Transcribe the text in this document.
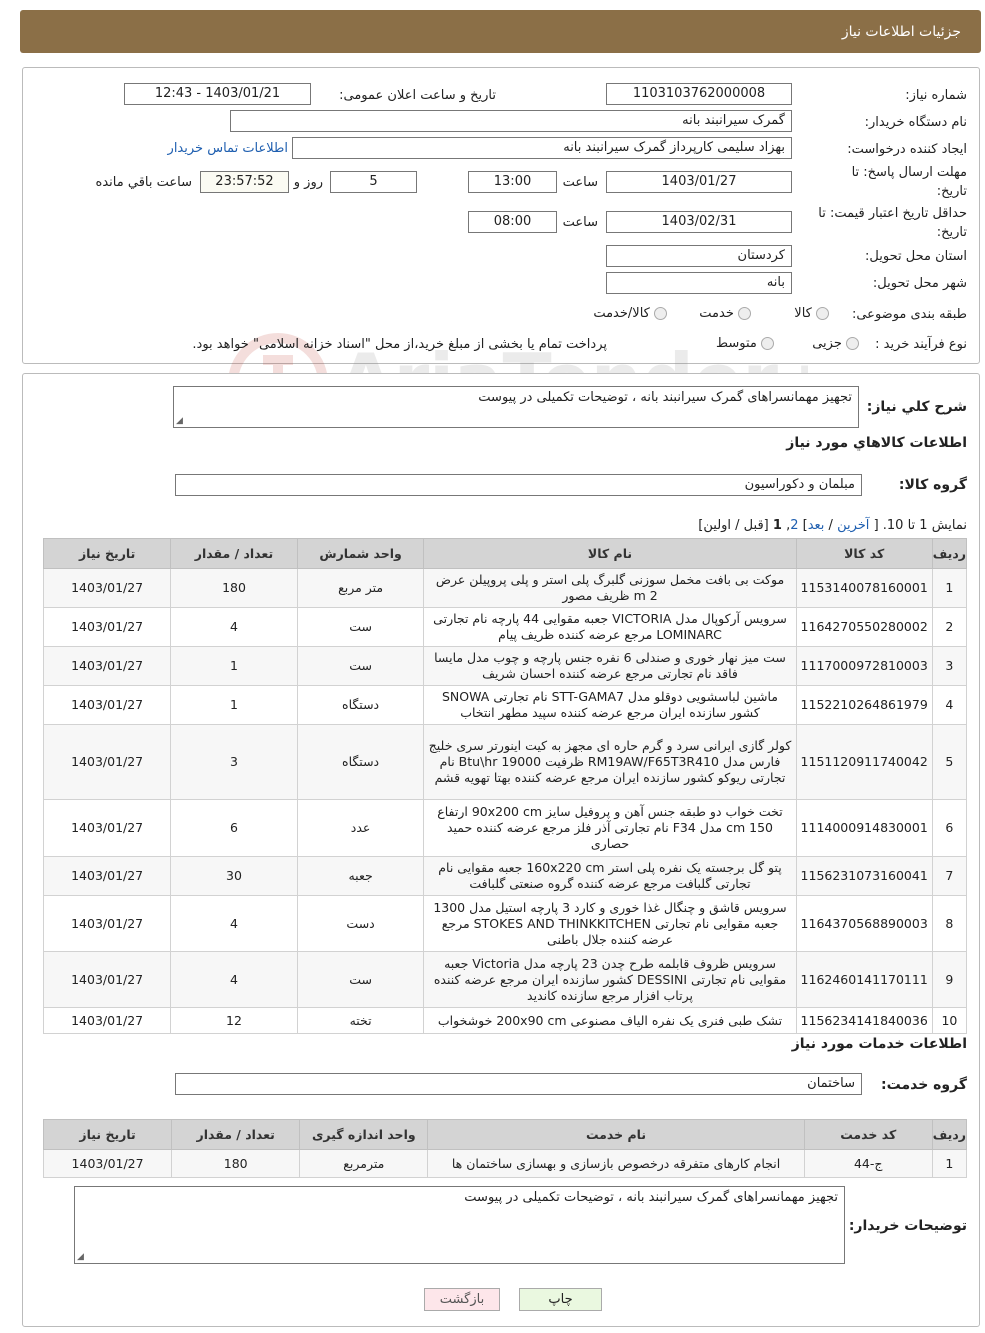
جزئیات اطلاعات نیاز
شماره نیاز:
1103103762000008
تاریخ و ساعت اعلان عمومی:
1403/01/21 - 12:43
نام دستگاه خریدار:
گمرک سیرانبند بانه
ایجاد کننده درخواست:
بهزاد سلیمی کارپرداز گمرک سیرانبند بانه
اطلاعات تماس خریدار
مهلت ارسال پاسخ: تا
تاریخ:
1403/01/27
ساعت
13:00
5
روز و
23:57:52
ساعت باقي مانده
حداقل تاریخ اعتبار قیمت: تا
تاریخ:
1403/02/31
ساعت
08:00
استان محل تحویل:
کردستان
شهر محل تحویل:
بانه
طبقه بندی موضوعی:
کالا
خدمت
کالا/خدمت
نوع فرآیند خرید :
جزیی
متوسط
پرداخت تمام یا بخشی از مبلغ خرید،از محل "اسناد خزانه اسلامی" خواهد بود.
شرح کلي نياز:
تجهیز مهمانسراهای گمرک سیرانبند بانه ، توضیحات تکمیلی در پیوست
◢
اطلاعات کالاهاي مورد نياز
گروه کالا:
مبلمان و دکوراسیون
نمایش 1 تا 10. [ آخرین / بعد] 2, 1 [قبل / اولین]
ردیف	کد کالا	نام کالا	واحد شمارش	تعداد / مقدار	تاریخ نیاز
1	1153140078160001	موکت بی بافت مخمل سوزنی گلبرگ پلی استر و پلی پروپیلن عرض m 2 ظریف مصور	متر مربع	180	1403/01/27
2	1164270550280002	سرویس آرکوپال مدل VICTORIA جعبه مقوایی 44 پارچه نام تجارتی LOMINARC مرجع عرضه کننده ظریف پیام	ست	4	1403/01/27
3	1117000972810003	ست میز نهار خوری و صندلی 6 نفره جنس پارچه و چوب مدل مایسا فاقد نام تجارتی مرجع عرضه کننده احسان شریف	ست	1	1403/01/27
4	1152210264861979	ماشین لباسشویی دوقلو مدل STT-GAMA7 نام تجارتی SNOWA کشور سازنده ایران مرجع عرضه کننده سپید مطهر انتخاب	دستگاه	1	1403/01/27
5	1151120911740042	کولر گازی ایرانی سرد و گرم حاره ای مجهز به کیت اینورتر سری خلیج فارس مدل RM19AW/F65T3R410 ظرفیت Btu\hr 19000 نام تجارتی ریوکو کشور سازنده ایران مرجع عرضه کننده بهتا تهویه قشم	دستگاه	3	1403/01/27
6	1114000914830001	تخت خواب دو طبقه جنس آهن و پروفیل سایز 90x200 cm ارتفاع 150 cm مدل F34 نام تجارتی آذر فلز مرجع عرضه کننده حمید حصاری	عدد	6	1403/01/27
7	1156231073160041	پتو گل برجسته یک نفره پلی استر 160x220 cm جعبه مقوایی نام تجارتی گلبافت مرجع عرضه کننده گروه صنعتی گلبافت	جعبه	30	1403/01/27
8	1164370568890003	سرویس قاشق و چنگال غذا خوری و کارد 3 پارچه استیل مدل 1300 جعبه مقوایی نام تجارتی STOKES AND THINKKITCHEN مرجع عرضه کننده جلال باطنی	دست	4	1403/01/27
9	1162460141170111	سرویس ظروف قابلمه طرح چدن 23 پارچه مدل Victoria جعبه مقوایی نام تجارتی DESSINI کشور سازنده ایران مرجع عرضه کننده پرتاب افزار مرجع سازنده کاندید	ست	4	1403/01/27
10	1156234141840036	تشک طبی فنری یک نفره الیاف مصنوعی 200x90 cm خوشخواب	تخته	12	1403/01/27
اطلاعات خدمات مورد نياز
گروه خدمت:
ساختمان
ردیف	کد خدمت	نام خدمت	واحد اندازه گیری	تعداد / مقدار	تاریخ نیاز
1	ج-44	انجام کارهای متفرقه درخصوص بازسازی و بهسازی ساختمان ها	مترمربع	180	1403/01/27
توضیحات خریدار:
تجهیز مهمانسراهای گمرک سیرانبند بانه ، توضیحات تکمیلی در پیوست
◢
چاپ
بازگشت
